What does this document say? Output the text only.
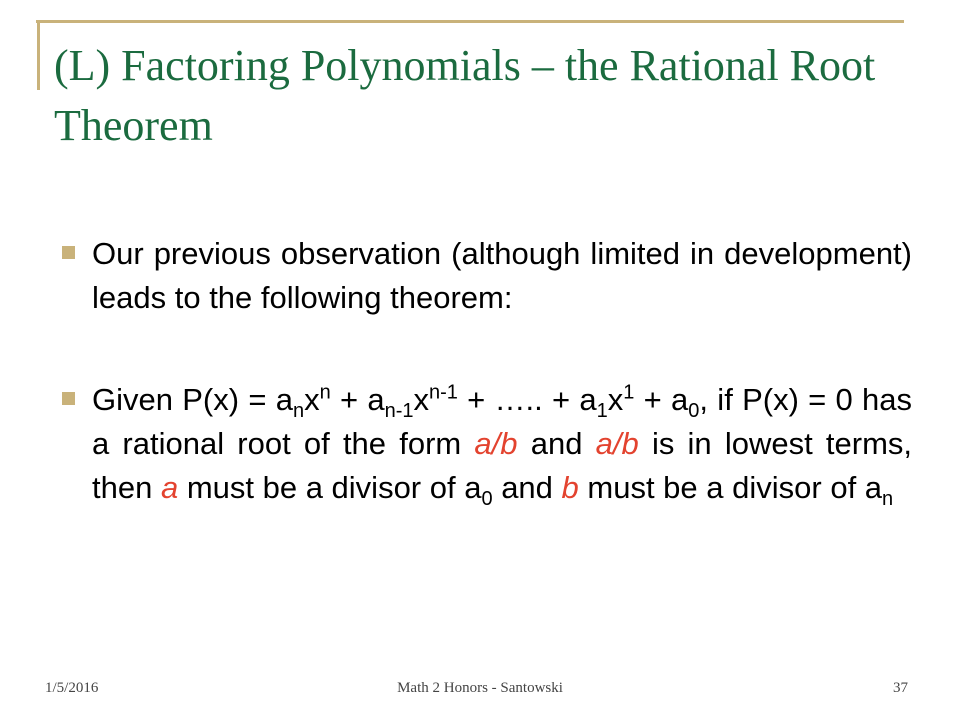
(L) Factoring Polynomials – the Rational Root Theorem

Our previous observation (although limited in development) leads to the following theorem:

Given $P(x) = a_nx^n + a_{n-1}x^{n-1}$ + ….. + $a_1x^1 + a_0$, if P(x) = 0 has a rational root of the form a/b and a/b is in lowest terms, then a must be a divisor of $a_0$ and b must be a divisor of $a_n$

1/5/2016	Math 2 Honors - Santowski	37
